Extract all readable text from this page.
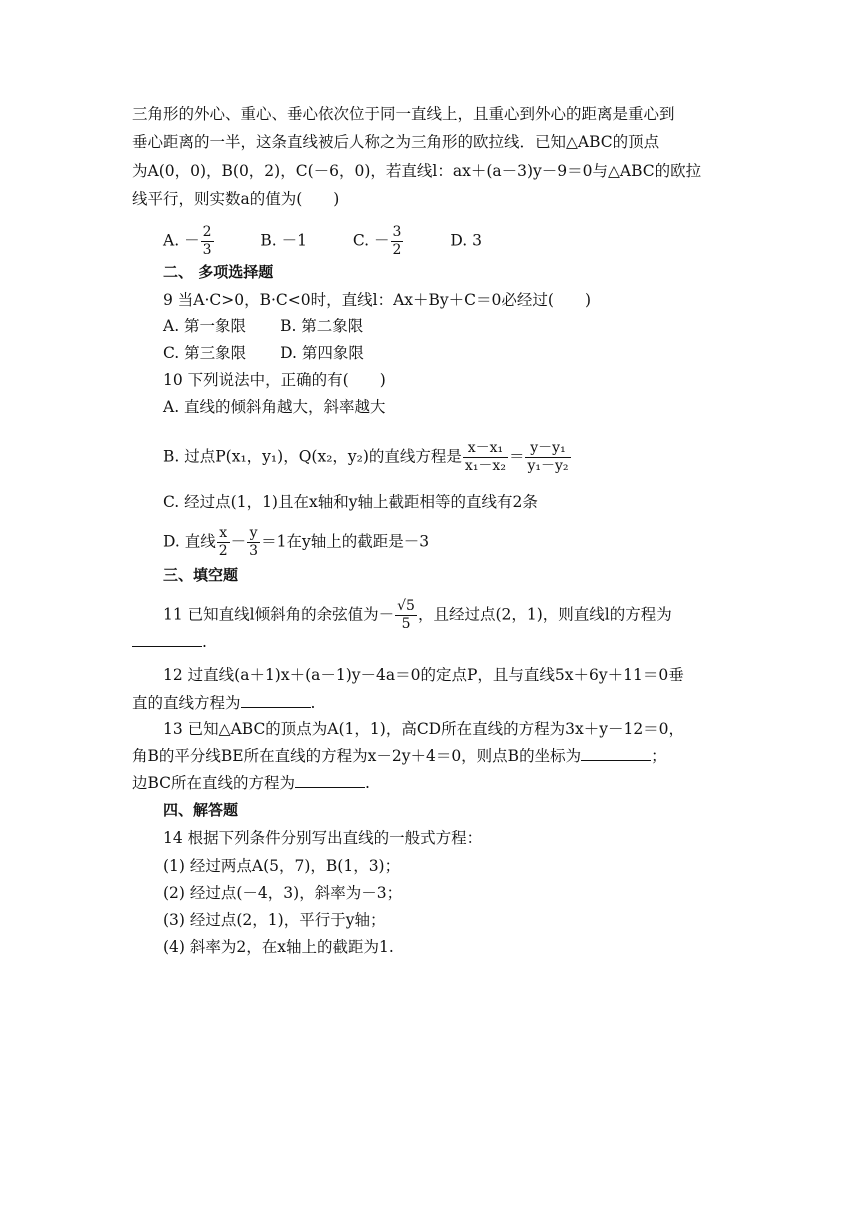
三角形的外心、重心、垂心依次位于同一直线上，且重心到外心的距离是重心到
垂心距离的一半，这条直线被后人称之为三角形的欧拉线．已知△ABC的顶点
为A(0，0)，B(0，2)，C(－6，0)，若直线l：ax＋(a－3)y－9＝0与△ABC的欧拉
线平行，则实数a的值为(　　)
A. － $\frac{2}{3}$	B. －1	C. － $\frac{3}{2}$	D. 3
二、 多项选择题
9 当A·C>0，B·C<0时，直线l：Ax＋By＋C＝0必经过(　　)
A. 第一象限 B. 第二象限
C. 第三象限 D. 第四象限
10 下列说法中，正确的有(　　)
A. 直线的倾斜角越大，斜率越大
B. 过点P(x₁，y₁)，Q(x₂，y₂)的直线方程是 $\frac{\text{x－x₁}}{\text{x₁－x₂}} = \frac{\text{y－y₁}}{\text{y₁－y₂}}$
C. 经过点(1，1)且在x轴和y轴上截距相等的直线有2条
D. 直线 $\frac{x}{2} - \frac{y}{3} =1$在y轴上的截距是－3
三、填空题
11 已知直线l倾斜角的余弦值为－ $\frac{√5}{5}$ ，且经过点(2，1)，则直线l的方程为
.
12 过直线(a＋1)x＋(a－1)y－4a＝0的定点P，且与直线5x＋6y＋11＝0垂
直的直线方程为	.
13 已知△ABC的顶点为A(1，1)，高CD所在直线的方程为3x＋y－12＝0，
角B的平分线BE所在直线的方程为x－2y＋4＝0，则点B的坐标为	；
边BC所在直线的方程为	.
四、解答题
14 根据下列条件分别写出直线的一般式方程：
(1) 经过两点A(5，7)，B(1，3)；
(2) 经过点(－4，3)，斜率为－3；
(3) 经过点(2，1)，平行于y轴；
(4) 斜率为2，在x轴上的截距为1.
